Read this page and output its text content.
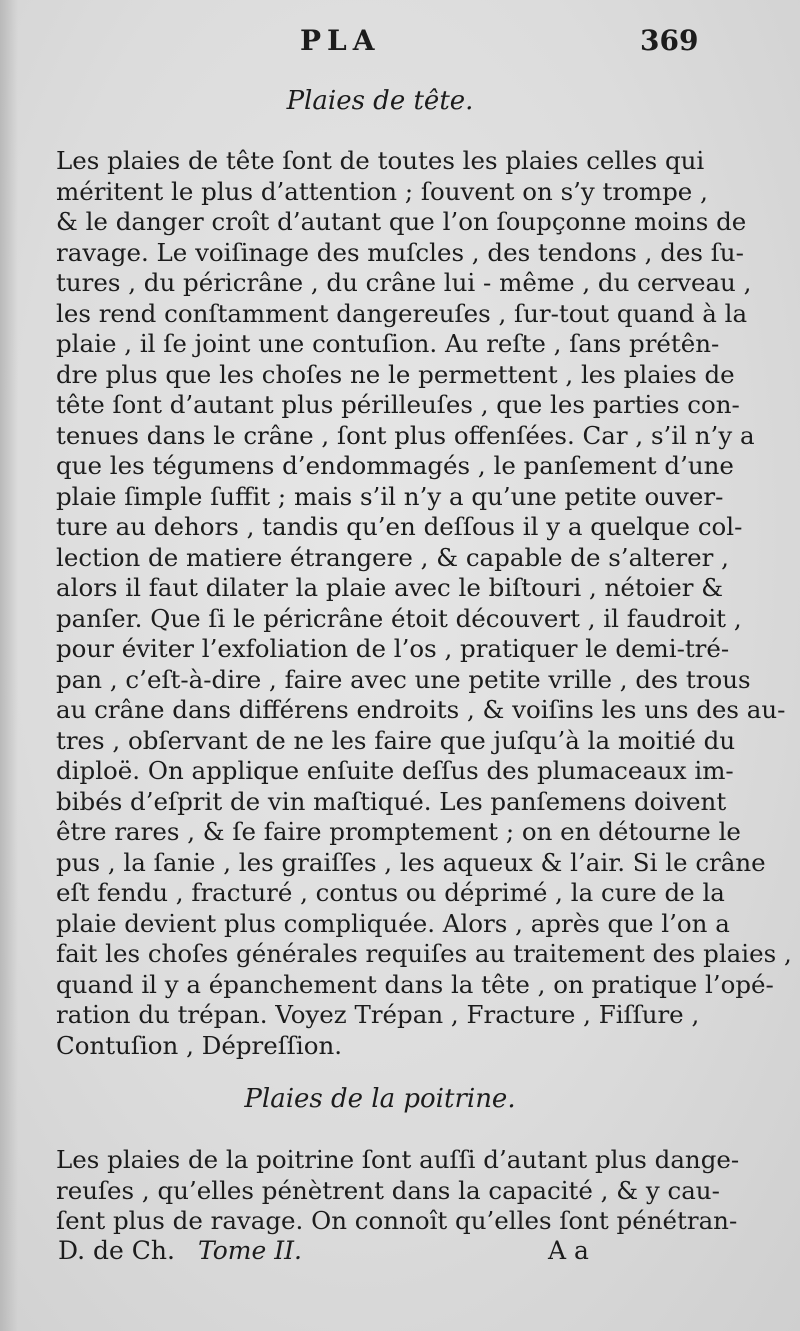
PLA	369
Plaies de tête.
Les plaies de tête ſont de toutes les plaies celles qui
méritent le plus d’attention ; ſouvent on s’y trompe ,
& le danger croît d’autant que l’on ſoupçonne moins de
ravage. Le voiſinage des muſcles , des tendons , des ſu-
tures , du péricrâne , du crâne lui - même , du cerveau ,
les rend conſtamment dangereuſes , ſur-tout quand à la
plaie , il ſe joint une contuſion. Au reſte , ſans prétên-
dre plus que les choſes ne le permettent , les plaies de
tête ſont d’autant plus périlleuſes , que les parties con-
tenues dans le crâne , ſont plus offenſées. Car , s’il n’y a
que les tégumens d’endommagés , le panſement d’une
plaie ſimple ſuffit ; mais s’il n’y a qu’une petite ouver-
ture au dehors , tandis qu’en deſſous il y a quelque col-
lection de matiere étrangere , & capable de s’alterer ,
alors il faut dilater la plaie avec le biſtouri , nétoier &
panſer. Que ſi le péricrâne étoit découvert , il faudroit ,
pour éviter l’exfoliation de l’os , pratiquer le demi-tré-
pan , c’eſt-à-dire , faire avec une petite vrille , des trous
au crâne dans différens endroits , & voiſins les uns des au-
tres , obſervant de ne les faire que juſqu’à la moitié du
diploë. On applique enſuite deſſus des plumaceaux im-
bibés d’eſprit de vin maſtiqué. Les panſemens doivent
être rares , & ſe faire promptement ; on en détourne le
pus , la ſanie , les graiſſes , les aqueux & l’air. Si le crâne
eſt fendu , fracturé , contus ou déprimé , la cure de la
plaie devient plus compliquée. Alors , après que l’on a
fait les choſes générales requiſes au traitement des plaies ,
quand il y a épanchement dans la tête , on pratique l’opé-
ration du trépan. Voyez Trépan , Fracture , Fiſſure ,
Contuſion , Dépreſſion.
Plaies de la poitrine.
Les plaies de la poitrine ſont auſſi d’autant plus dange-
reuſes , qu’elles pénètrent dans la capacité , & y cau-
ſent plus de ravage. On connoît qu’elles ſont pénétran-
D. de Ch. Tome II.	A a
